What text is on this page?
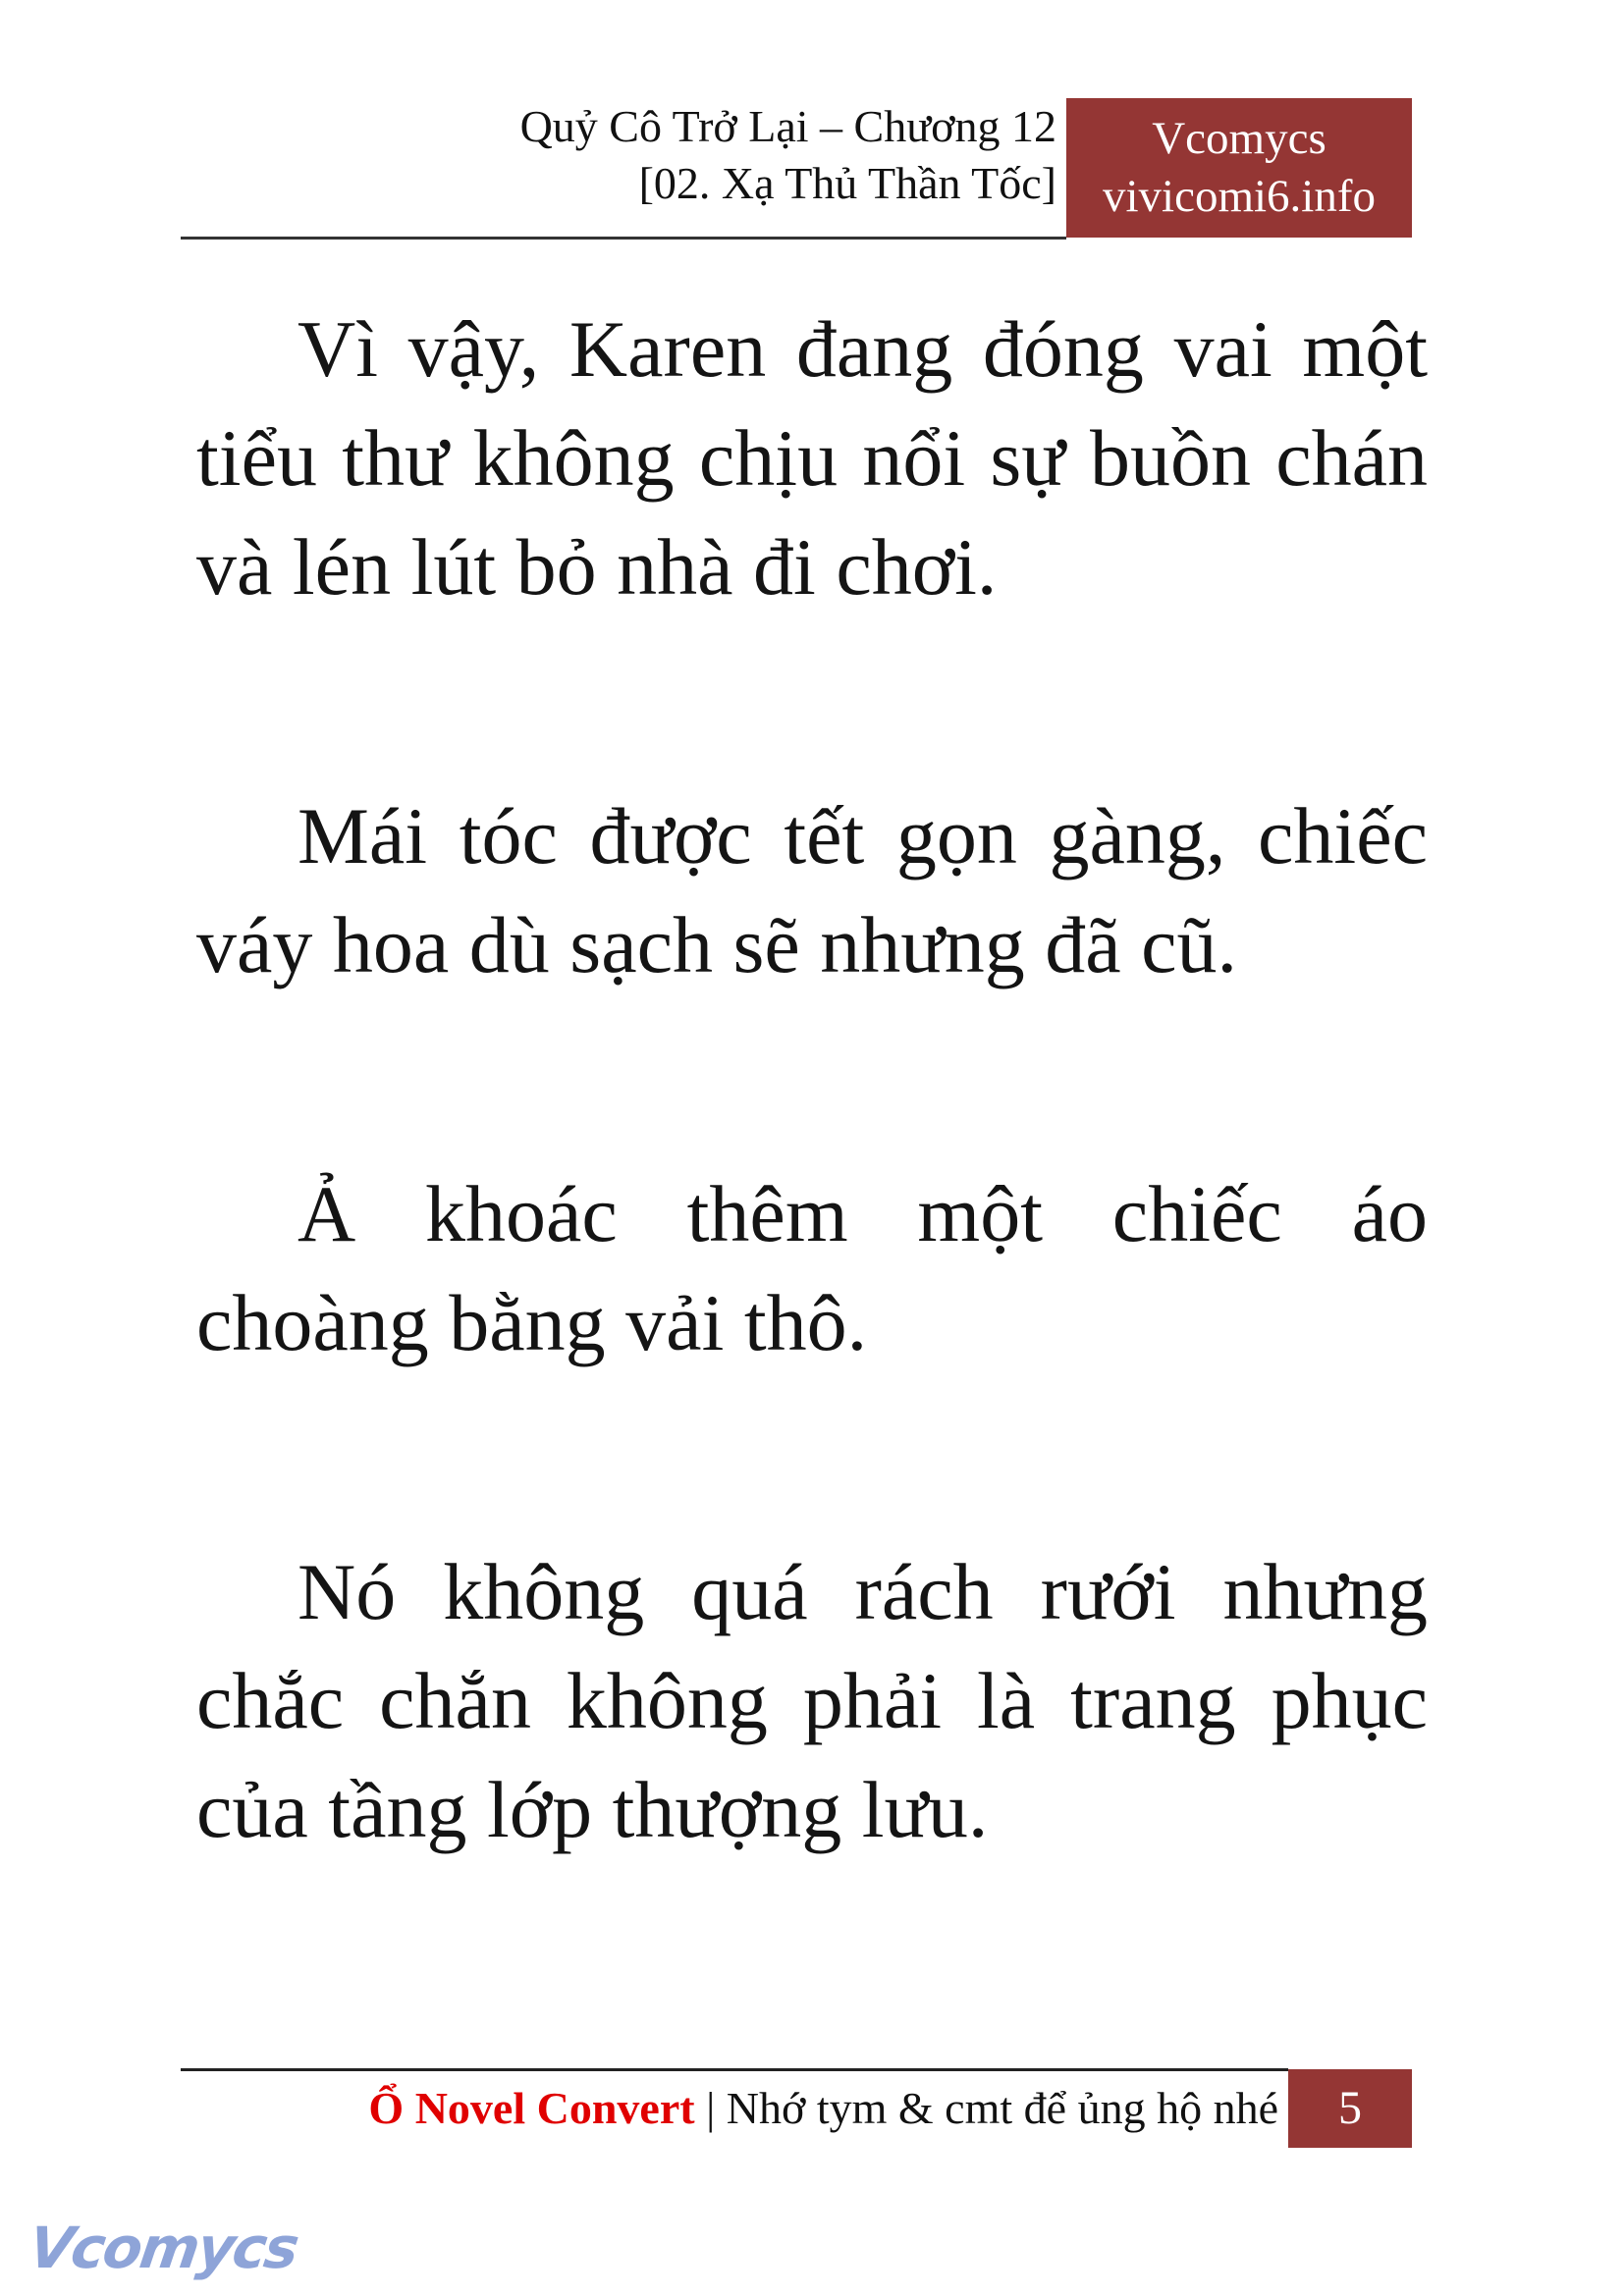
Quỷ Cô Trở Lại – Chương 12
[02. Xạ Thủ Thần Tốc]
Vcomycs
vivicomi6.info

Vì vậy, Karen đang đóng vai một tiểu thư không chịu nổi sự buồn chán và lén lút bỏ nhà đi chơi.

Mái tóc được tết gọn gàng, chiếc váy hoa dù sạch sẽ nhưng đã cũ.

Ả khoác thêm một chiếc áo choàng bằng vải thô.

Nó không quá rách rưới nhưng chắc chắn không phải là trang phục của tầng lớp thượng lưu.

Ổ Novel Convert | Nhớ tym & cmt để ủng hộ nhé	5
Vcomycs
